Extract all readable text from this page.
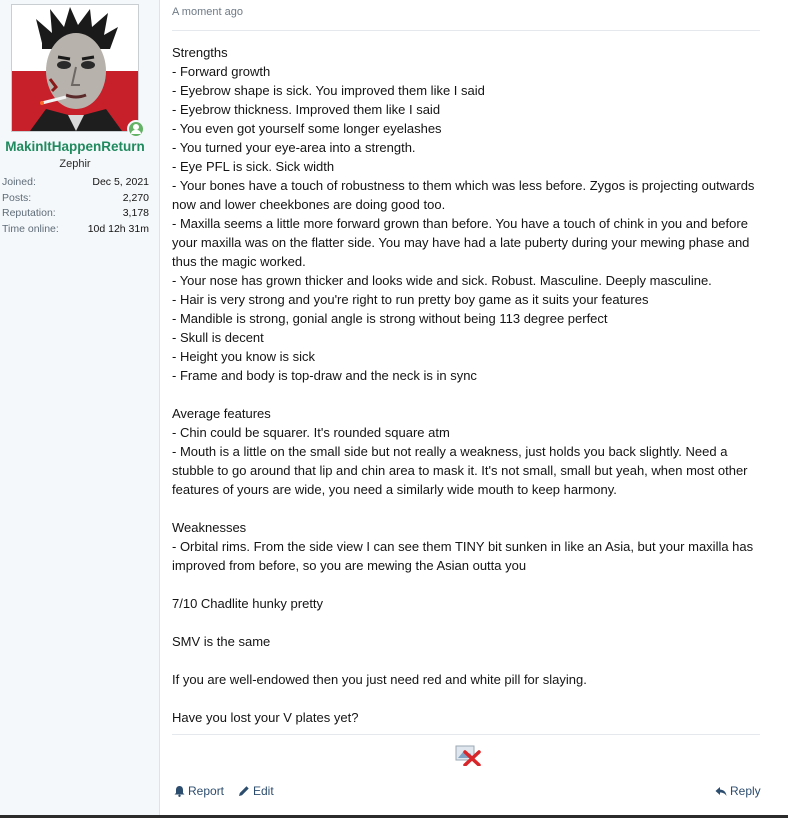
MakinItHappenReturn
Zephir
Joined:	Dec 5, 2021
Posts:	2,270
Reputation:	3,178
Time online:	10d 12h 31m
A moment ago

Strengths

- Forward growth

- Eyebrow shape is sick. You improved them like I said

- Eyebrow thickness. Improved them like I said

- You even got yourself some longer eyelashes

- You turned your eye-area into a strength.

- Eye PFL is sick. Sick width

- Your bones have a touch of robustness to them which was less before. Zygos is projecting outwards now and lower cheekbones are doing good too.

- Maxilla seems a little more forward grown than before. You have a touch of chink in you and before your maxilla was on the flatter side. You may have had a late puberty during your mewing phase and thus the magic worked.

- Your nose has grown thicker and looks wide and sick. Robust. Masculine. Deeply masculine.

- Hair is very strong and you're right to run pretty boy game as it suits your features

- Mandible is strong, gonial angle is strong without being 113 degree perfect

- Skull is decent

- Height you know is sick

- Frame and body is top-draw and the neck is in sync

Average features

- Chin could be squarer. It's rounded square atm

- Mouth is a little on the small side but not really a weakness, just holds you back slightly. Need a stubble to go around that lip and chin area to mask it. It's not small, small but yeah, when most other features of yours are wide, you need a similarly wide mouth to keep harmony.

Weaknesses

- Orbital rims. From the side view I can see them TINY bit sunken in like an Asia, but your maxilla has improved from before, so you are mewing the Asian outta you

7/10 Chadlite hunky pretty

SMV is the same

If you are well-endowed then you just need red and white pill for slaying.

Have you lost your V plates yet?

Report Edit	Reply
